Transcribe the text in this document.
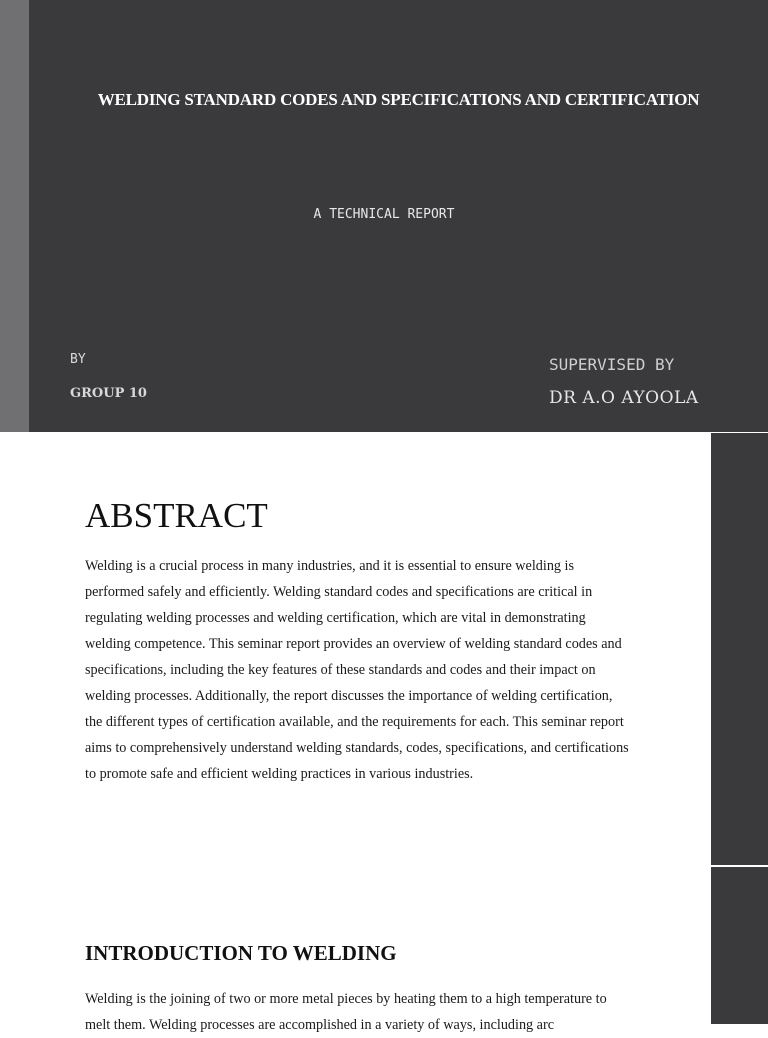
WELDING STANDARD CODES AND SPECIFICATIONS AND CERTIFICATION
A TECHNICAL REPORT
BY
GROUP 10
SUPERVISED BY
DR A.O AYOOLA
ABSTRACT

Welding is a crucial process in many industries, and it is essential to ensure welding is performed safely and efficiently. Welding standard codes and specifications are critical in regulating welding processes and welding certification, which are vital in demonstrating welding competence. This seminar report provides an overview of welding standard codes and specifications, including the key features of these standards and codes and their impact on welding processes. Additionally, the report discusses the importance of welding certification, the different types of certification available, and the requirements for each. This seminar report aims to comprehensively understand welding standards, codes, specifications, and certifications to promote safe and efficient welding practices in various industries.

INTRODUCTION TO WELDING

Welding is the joining of two or more metal pieces by heating them to a high temperature to melt them. Welding processes are accomplished in a variety of ways, including arc
